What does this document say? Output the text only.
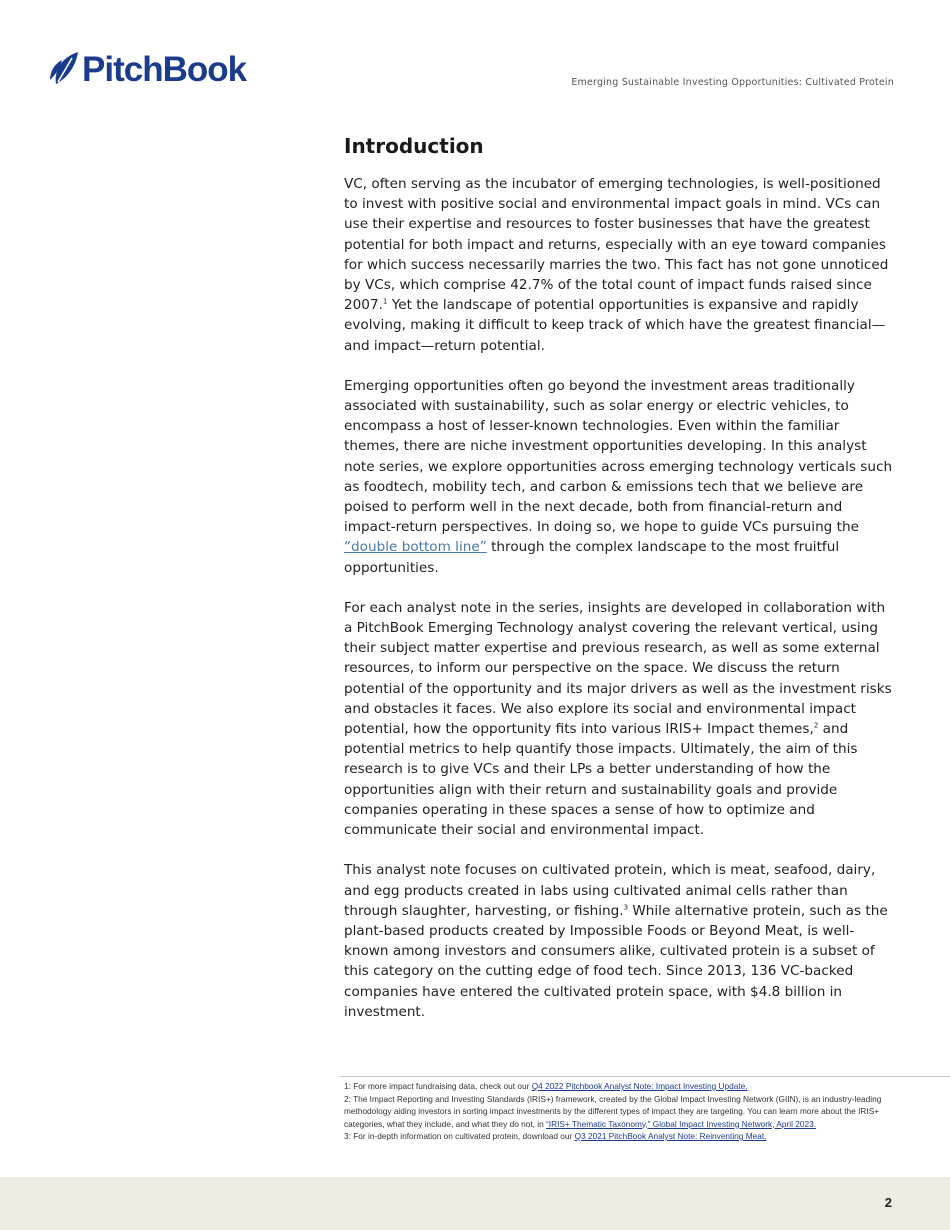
PitchBook	Emerging Sustainable Investing Opportunities: Cultivated Protein
Introduction

VC, often serving as the incubator of emerging technologies, is well-positioned to invest with positive social and environmental impact goals in mind. VCs can use their expertise and resources to foster businesses that have the greatest potential for both impact and returns, especially with an eye toward companies for which success necessarily marries the two. This fact has not gone unnoticed by VCs, which comprise 42.7% of the total count of impact funds raised since 2007.$^1$ Yet the landscape of potential opportunities is expansive and rapidly evolving, making it difficult to keep track of which have the greatest financial—and impact—return potential.

Emerging opportunities often go beyond the investment areas traditionally associated with sustainability, such as solar energy or electric vehicles, to encompass a host of lesser-known technologies. Even within the familiar themes, there are niche investment opportunities developing. In this analyst note series, we explore opportunities across emerging technology verticals such as foodtech, mobility tech, and carbon & emissions tech that we believe are poised to perform well in the next decade, both from financial-return and impact-return perspectives. In doing so, we hope to guide VCs pursuing the “double bottom line” through the complex landscape to the most fruitful opportunities.

For each analyst note in the series, insights are developed in collaboration with a PitchBook Emerging Technology analyst covering the relevant vertical, using their subject matter expertise and previous research, as well as some external resources, to inform our perspective on the space. We discuss the return potential of the opportunity and its major drivers as well as the investment risks and obstacles it faces. We also explore its social and environmental impact potential, how the opportunity fits into various IRIS+ Impact themes,$^2$ and potential metrics to help quantify those impacts. Ultimately, the aim of this research is to give VCs and their LPs a better understanding of how the opportunities align with their return and sustainability goals and provide companies operating in these spaces a sense of how to optimize and communicate their social and environmental impact.

This analyst note focuses on cultivated protein, which is meat, seafood, dairy, and egg products created in labs using cultivated animal cells rather than through slaughter, harvesting, or fishing.$^3$ While alternative protein, such as the plant-based products created by Impossible Foods or Beyond Meat, is well-known among investors and consumers alike, cultivated protein is a subset of this category on the cutting edge of food tech. Since 2013, 136 VC-backed companies have entered the cultivated protein space, with $4.8 billion in investment.

1: For more impact fundraising data, check out our Q4 2022 Pitchbook Analyst Note: Impact Investing Update.

2: The Impact Reporting and Investing Standards (IRIS+) framework, created by the Global Impact Investing Network (GIIN), is an industry-leading methodology aiding investors in sorting impact investments by the different types of impact they are targeting. You can learn more about the IRIS+ categories, what they include, and what they do not, in “IRIS+ Thematic Taxonomy,” Global Impact Investing Network, April 2023.

3: For in-depth information on cultivated protein, download our Q3 2021 PitchBook Analyst Note: Reinventing Meat.

2
